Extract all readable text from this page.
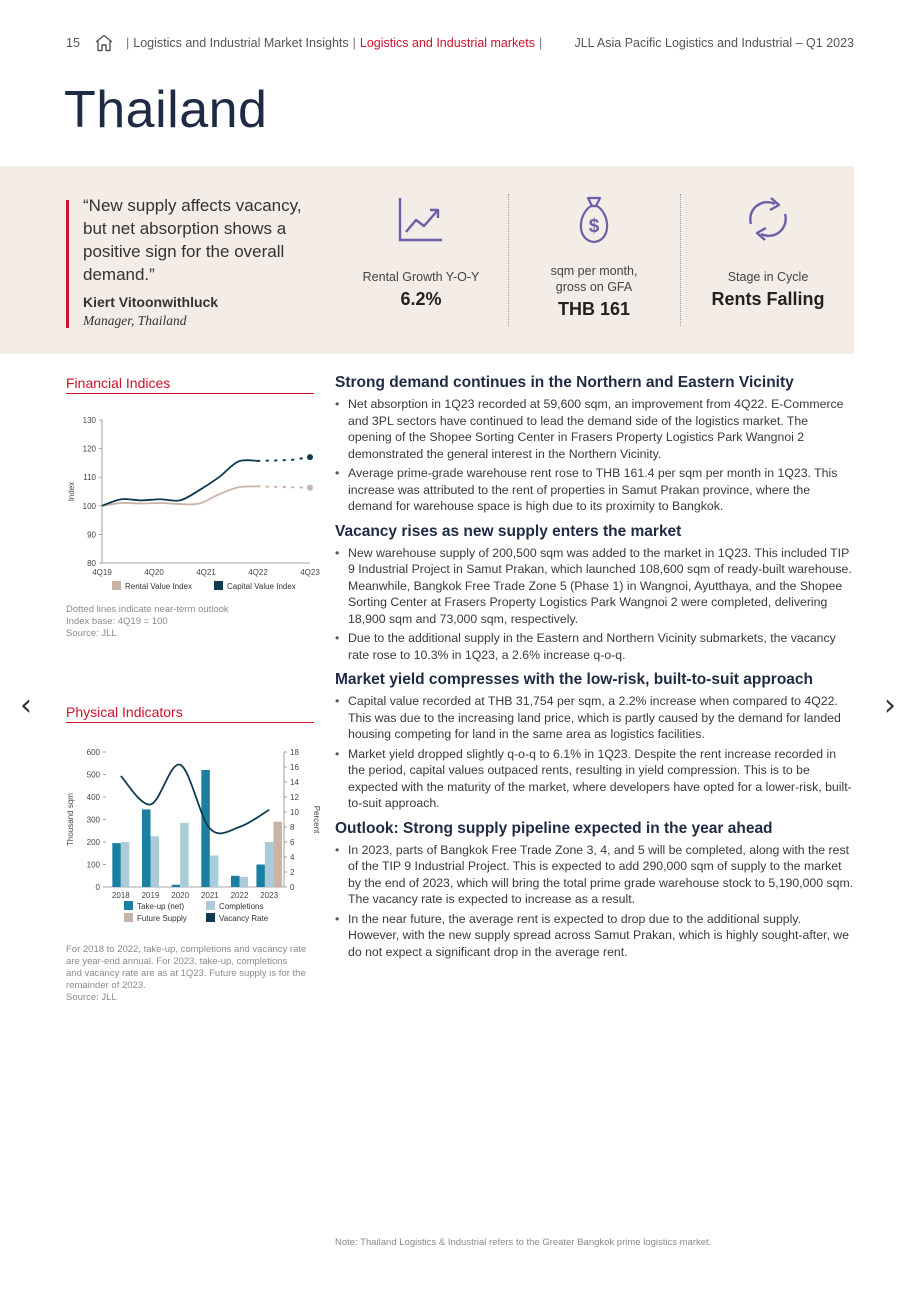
15	| Logistics and Industrial Market Insights | Logistics and Industrial markets |	JLL Asia Pacific Logistics and Industrial – Q1 2023
Thailand
“New supply affects vacancy, but net absorption shows a positive sign for the overall demand.”
Kiert Vitoonwithluck
Manager, Thailand
Rental Growth Y-O-Y
6.2%
$
sqm per month,
gross on GFA
THB 161
Stage in Cycle
Rents Falling
Financial Indices
80
90
100
110
120
130
4Q19	4Q20	4Q21	4Q22	4Q23
Index
Rental Value Index	Capital Value Index
Dotted lines indicate near-term outlook
Index base: 4Q19 = 100
Source: JLL
Physical Indicators
0
100
200
300
400
500
600
0
2
4
6
8
10
12
14
16
18
Thousand sqm	Percent
2018 2019 2020 2021 2022 2023
Take-up (net)	Completions
Future Supply	Vacancy Rate
For 2018 to 2022, take-up, completions and vacancy rate
are year-end annual. For 2023, take-up, completions
and vacancy rate are as at 1Q23. Future supply is for the
remainder of 2023.
Source: JLL
Strong demand continues in the Northern and Eastern Vicinity
• Net absorption in 1Q23 recorded at 59,600 sqm, an improvement from 4Q22. E-Commerce and 3PL sectors have continued to lead the demand side of the logistics market. The opening of the Shopee Sorting Center in Frasers Property Logistics Park Wangnoi 2 demonstrated the general interest in the Northern Vicinity.
• Average prime-grade warehouse rent rose to THB 161.4 per sqm per month in 1Q23. This increase was attributed to the rent of properties in Samut Prakan province, where the demand for warehouse space is high due to its proximity to Bangkok.
Vacancy rises as new supply enters the market
• New warehouse supply of 200,500 sqm was added to the market in 1Q23. This included TIP 9 Industrial Project in Samut Prakan, which launched 108,600 sqm of ready-built warehouse. Meanwhile, Bangkok Free Trade Zone 5 (Phase 1) in Wangnoi, Ayutthaya, and the Shopee Sorting Center at Frasers Property Logistics Park Wangnoi 2 were completed, delivering 18,900 sqm and 73,000 sqm, respectively.
• Due to the additional supply in the Eastern and Northern Vicinity submarkets, the vacancy rate rose to 10.3% in 1Q23, a 2.6% increase q-o-q.
Market yield compresses with the low-risk, built-to-suit approach
• Capital value recorded at THB 31,754 per sqm, a 2.2% increase when compared to 4Q22. This was due to the increasing land price, which is partly caused by the demand for landed housing competing for land in the same area as logistics facilities.
• Market yield dropped slightly q-o-q to 6.1% in 1Q23. Despite the rent increase recorded in the period, capital values outpaced rents, resulting in yield compression. This is to be expected with the maturity of the market, where developers have opted for a lower-risk, built-to-suit approach.
Outlook: Strong supply pipeline expected in the year ahead
• In 2023, parts of Bangkok Free Trade Zone 3, 4, and 5 will be completed, along with the rest of the TIP 9 Industrial Project. This is expected to add 290,000 sqm of supply to the market by the end of 2023, which will bring the total prime grade warehouse stock to 5,190,000 sqm. The vacancy rate is expected to increase as a result.
• In the near future, the average rent is expected to drop due to the additional supply. However, with the new supply spread across Samut Prakan, which is highly sought-after, we do not expect a significant drop in the average rent.
Note: Thailand Logistics & Industrial refers to the Greater Bangkok prime logistics market.
‹	›
